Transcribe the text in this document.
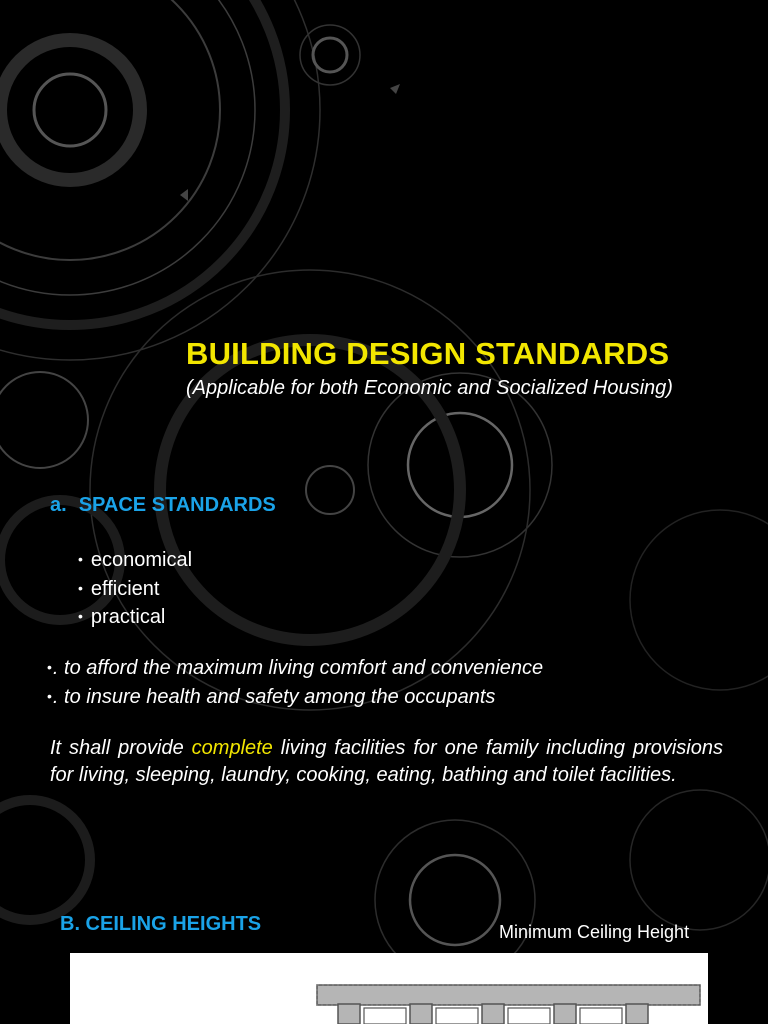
BUILDING DESIGN STANDARDS
(Applicable for both Economic and Socialized Housing)
a. SPACE STANDARDS
• economical
• efficient
• practical
•. to afford the maximum living comfort and convenience
•. to insure health and safety among the occupants

It shall provide complete living facilities for one family including provisions for living, sleeping, laundry, cooking, eating, bathing and toilet facilities.

B. CEILING HEIGHTS	Minimum Ceiling Height
